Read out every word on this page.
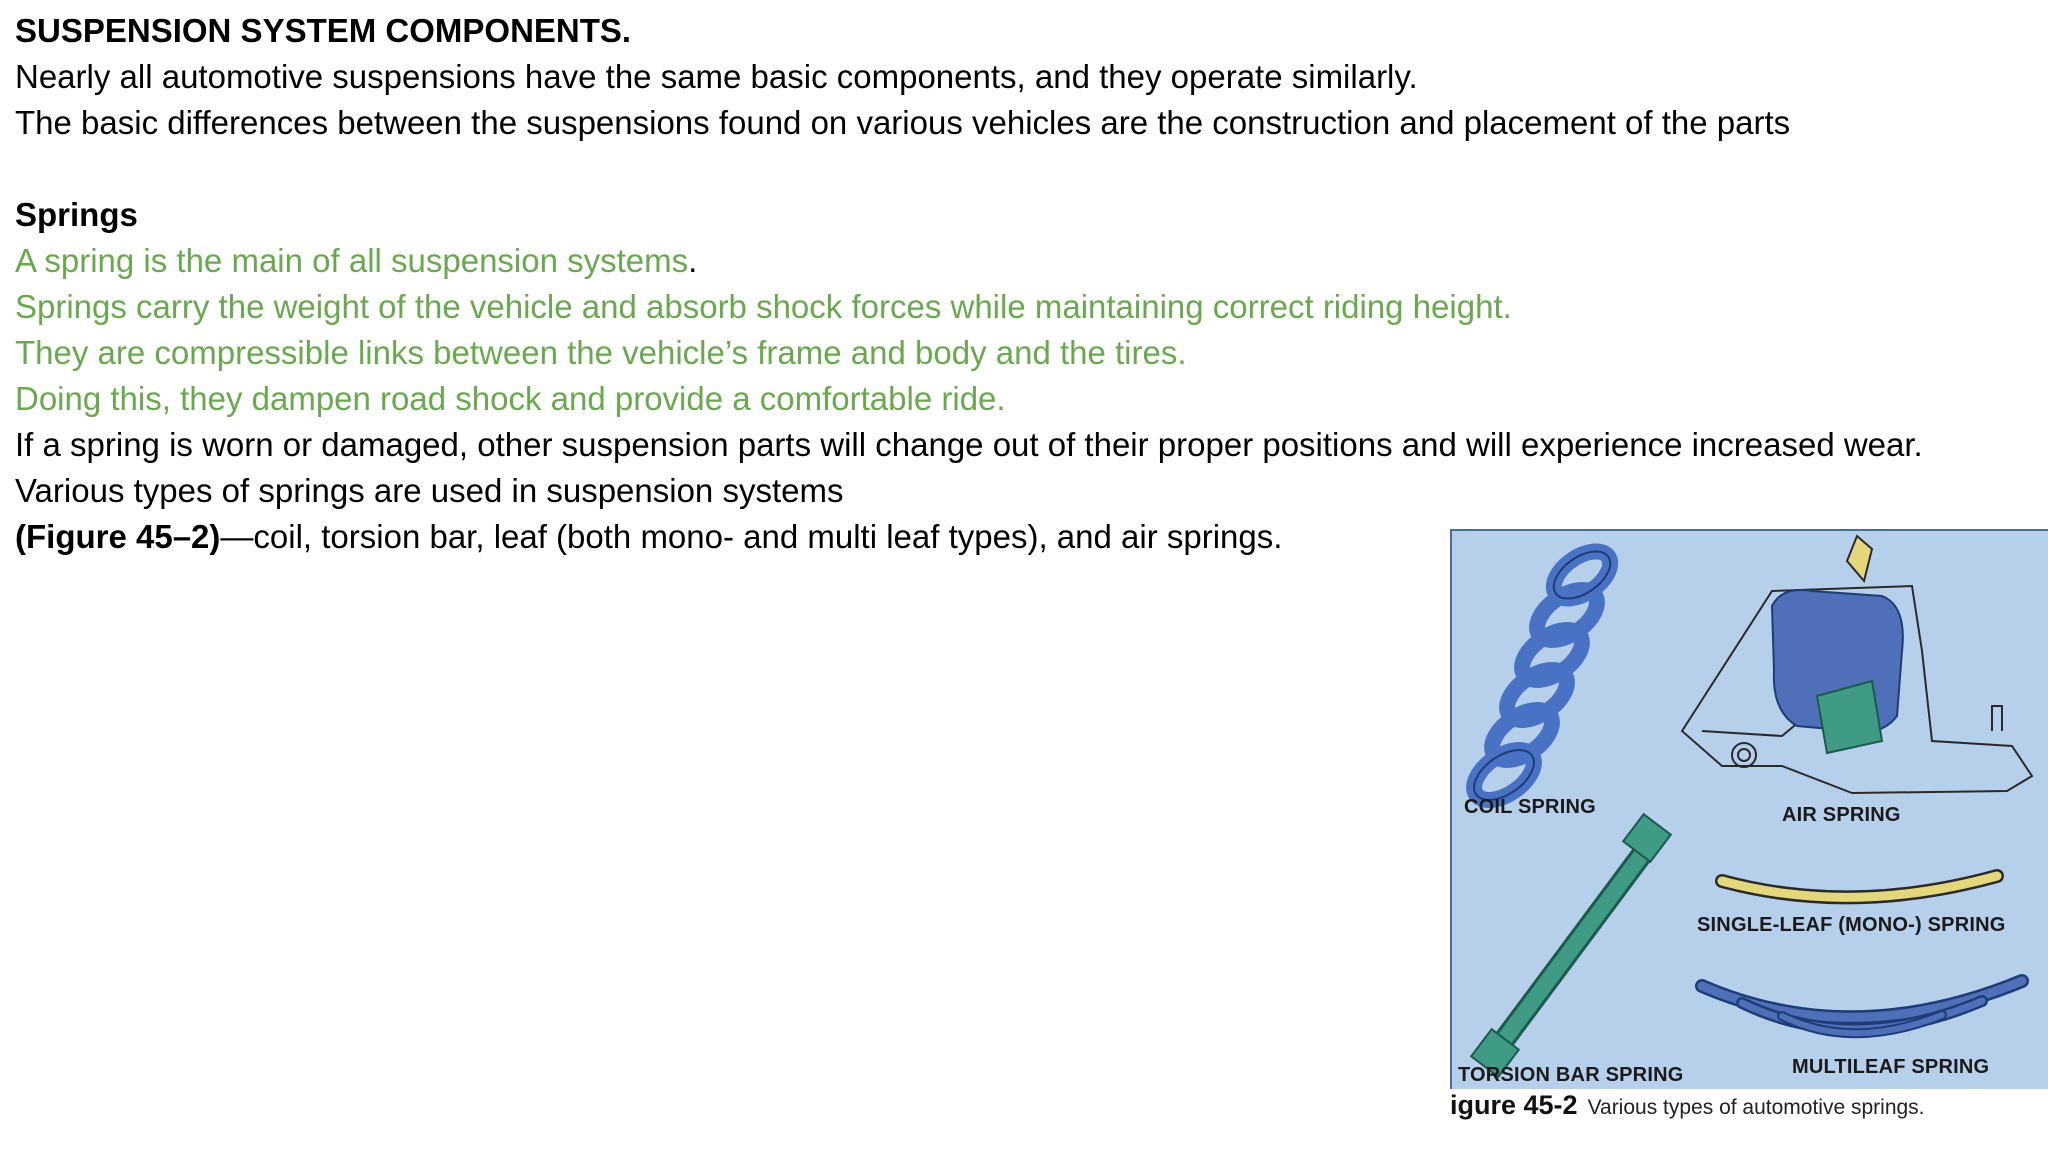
SUSPENSION SYSTEM COMPONENTS.
Nearly all automotive suspensions have the same basic components, and they operate similarly.
The basic differences between the suspensions found on various vehicles are the construction and placement of the parts
Springs
A spring is the main of all suspension systems.
Springs carry the weight of the vehicle and absorb shock forces while maintaining correct riding height.
They are compressible links between the vehicle’s frame and body and the tires.
Doing this, they dampen road shock and provide a comfortable ride.
If a spring is worn or damaged, other suspension parts will change out of their proper positions and will experience increased wear.
Various types of springs are used in suspension systems
(Figure 45–2)—coil, torsion bar, leaf (both mono- and multi leaf types), and air springs.
COIL SPRING	AIR SPRING
SINGLE-LEAF (MONO-) SPRING
MULTILEAF SPRING
TORSION BAR SPRING
igure 45-2 Various types of automotive springs.
